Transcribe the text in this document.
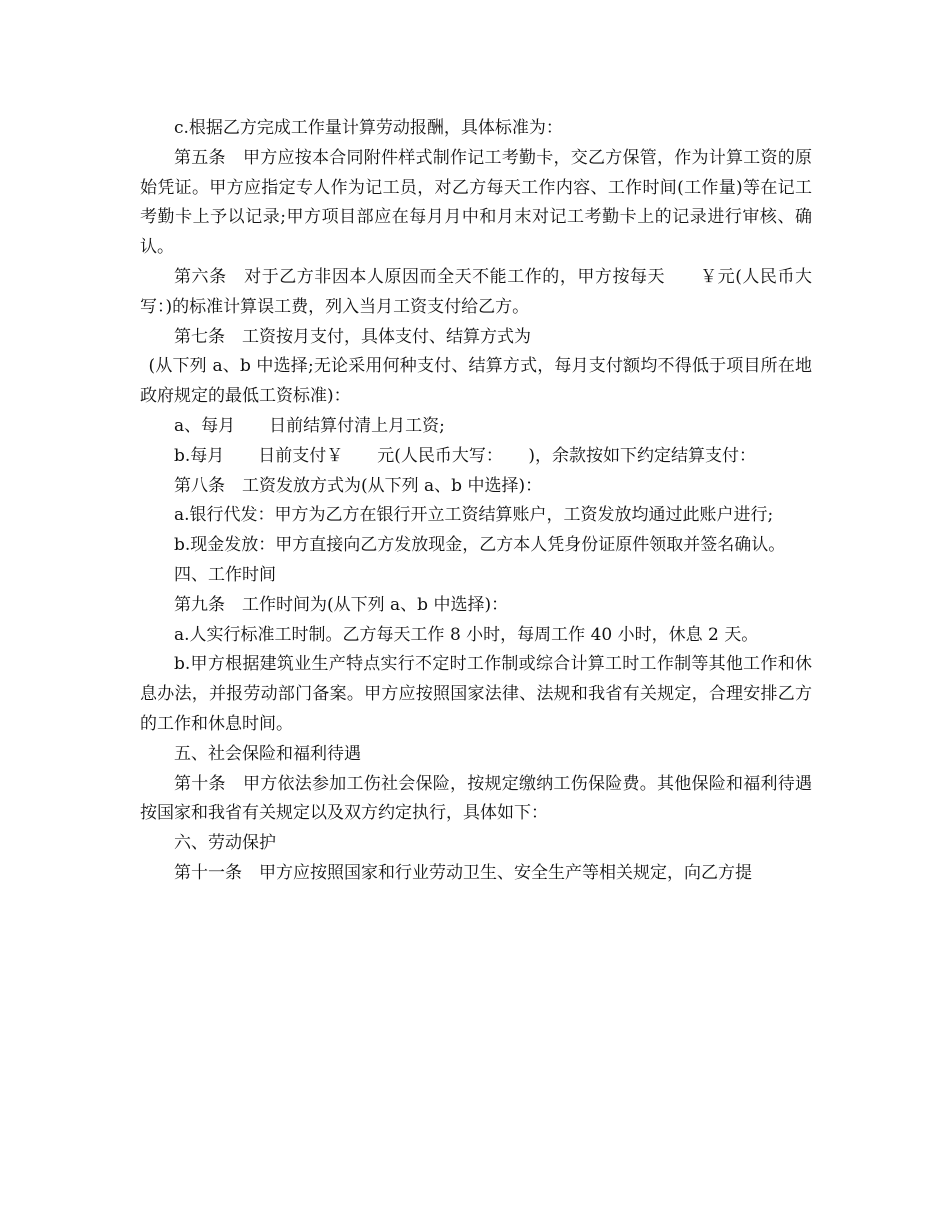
c.根据乙方完成工作量计算劳动报酬，具体标准为：

第五条　甲方应按本合同附件样式制作记工考勤卡，交乙方保管，作为计算工资的原始凭证。甲方应指定专人作为记工员，对乙方每天工作内容、工作时间(工作量)等在记工考勤卡上予以记录;甲方项目部应在每月月中和月末对记工考勤卡上的记录进行审核、确认。

第六条　对于乙方非因本人原因而全天不能工作的，甲方按每天　　￥元(人民币大写：)的标准计算误工费，列入当月工资支付给乙方。

第七条　工资按月支付，具体支付、结算方式为

(从下列 a、b 中选择;无论采用何种支付、结算方式，每月支付额均不得低于项目所在地政府规定的最低工资标准)：

a、每月　　日前结算付清上月工资;

b.每月　　日前支付￥　　元(人民币大写：　　)，余款按如下约定结算支付：

第八条　工资发放方式为(从下列 a、b 中选择)：

a.银行代发：甲方为乙方在银行开立工资结算账户，工资发放均通过此账户进行;

b.现金发放：甲方直接向乙方发放现金，乙方本人凭身份证原件领取并签名确认。

四、工作时间

第九条　工作时间为(从下列 a、b 中选择)：

a.人实行标准工时制。乙方每天工作 8 小时，每周工作 40 小时，休息 2 天。

b.甲方根据建筑业生产特点实行不定时工作制或综合计算工时工作制等其他工作和休息办法，并报劳动部门备案。甲方应按照国家法律、法规和我省有关规定，合理安排乙方的工作和休息时间。

五、社会保险和福利待遇

第十条　甲方依法参加工伤社会保险，按规定缴纳工伤保险费。其他保险和福利待遇按国家和我省有关规定以及双方约定执行，具体如下：

六、劳动保护

第十一条　甲方应按照国家和行业劳动卫生、安全生产等相关规定，向乙方提
